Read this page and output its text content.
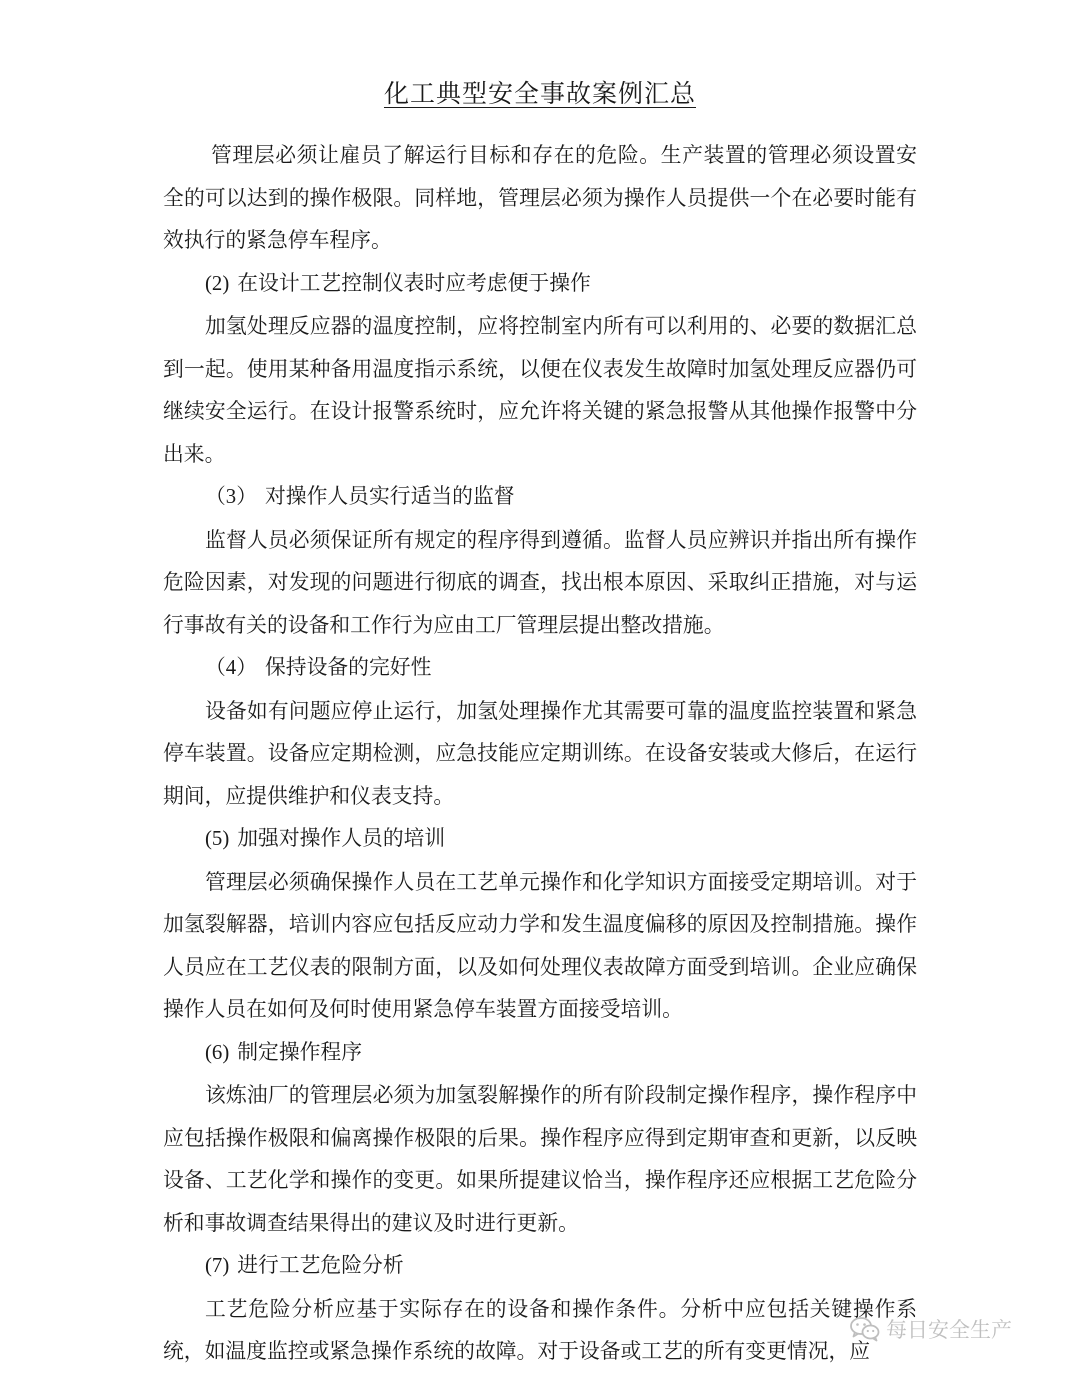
化工典型安全事故案例汇总

管理层必须让雇员了解运行目标和存在的危险。生产装置的管理必须设置安全的可以达到的操作极限。同样地，管理层必须为操作人员提供一个在必要时能有效执行的紧急停车程序。

(2) 在设计工艺控制仪表时应考虑便于操作

加氢处理反应器的温度控制，应将控制室内所有可以利用的、必要的数据汇总到一起。使用某种备用温度指示系统，以便在仪表发生故障时加氢处理反应器仍可继续安全运行。在设计报警系统时，应允许将关键的紧急报警从其他操作报警中分出来。

（3） 对操作人员实行适当的监督

监督人员必须保证所有规定的程序得到遵循。监督人员应辨识并指出所有操作危险因素，对发现的问题进行彻底的调查，找出根本原因、采取纠正措施，对与运行事故有关的设备和工作行为应由工厂管理层提出整改措施。

（4） 保持设备的完好性

设备如有问题应停止运行，加氢处理操作尤其需要可靠的温度监控装置和紧急停车装置。设备应定期检测，应急技能应定期训练。在设备安装或大修后，在运行期间，应提供维护和仪表支持。

(5) 加强对操作人员的培训

管理层必须确保操作人员在工艺单元操作和化学知识方面接受定期培训。对于加氢裂解器，培训内容应包括反应动力学和发生温度偏移的原因及控制措施。操作人员应在工艺仪表的限制方面，以及如何处理仪表故障方面受到培训。企业应确保操作人员在如何及何时使用紧急停车装置方面接受培训。

(6) 制定操作程序

该炼油厂的管理层必须为加氢裂解操作的所有阶段制定操作程序，操作程序中应包括操作极限和偏离操作极限的后果。操作程序应得到定期审查和更新，以反映设备、工艺化学和操作的变更。如果所提建议恰当，操作程序还应根据工艺危险分析和事故调查结果得出的建议及时进行更新。

(7) 进行工艺危险分析

工艺危险分析应基于实际存在的设备和操作条件。分析中应包括关键操作系统，如温度监控或紧急操作系统的故障。对于设备或工艺的所有变更情况，应

每日安全生产
